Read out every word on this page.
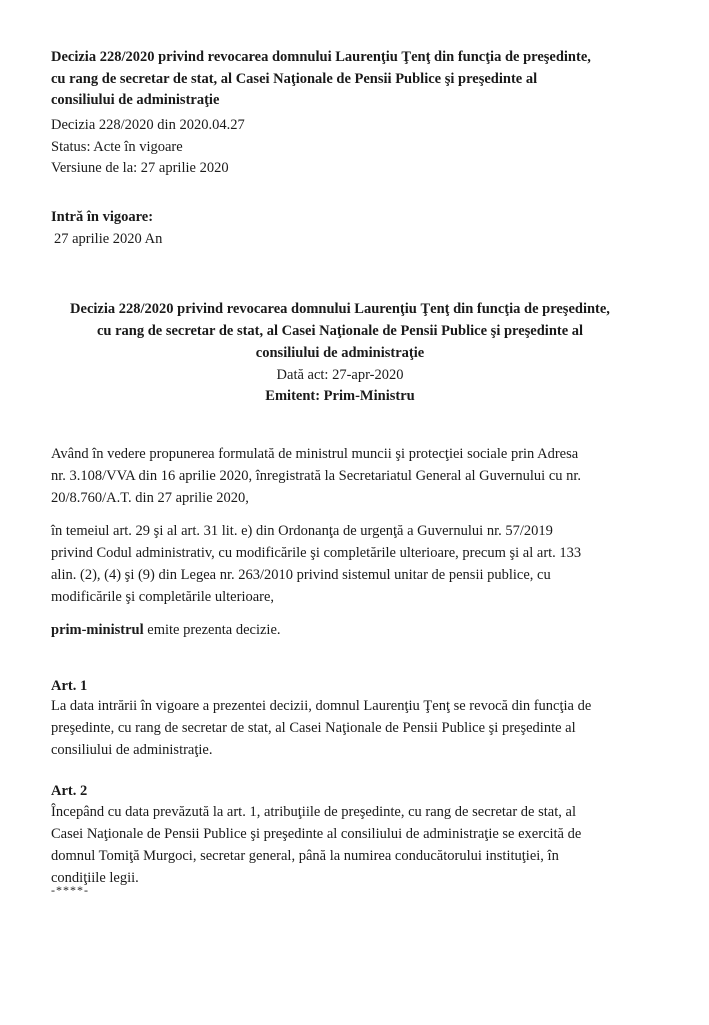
Decizia 228/2020 privind revocarea domnului Laurenţiu Ţenţ din funcţia de preşedinte,
cu rang de secretar de stat, al Casei Naţionale de Pensii Publice şi preşedinte al
consiliului de administraţie
Decizia 228/2020 din 2020.04.27
Status: Acte în vigoare
Versiune de la: 27 aprilie 2020
Intră în vigoare:
27 aprilie 2020 An
Decizia 228/2020 privind revocarea domnului Laurenţiu Ţenţ din funcţia de preşedinte,
cu rang de secretar de stat, al Casei Naţionale de Pensii Publice şi preşedinte al
consiliului de administraţie
Dată act: 27-apr-2020
Emitent: Prim-Ministru
Având în vedere propunerea formulată de ministrul muncii şi protecţiei sociale prin Adresa
nr. 3.108/VVA din 16 aprilie 2020, înregistrată la Secretariatul General al Guvernului cu nr.
20/8.760/A.T. din 27 aprilie 2020,
în temeiul art. 29 şi al art. 31 lit. e) din Ordonanţa de urgenţă a Guvernului nr. 57/2019
privind Codul administrativ, cu modificările şi completările ulterioare, precum şi al art. 133
alin. (2), (4) şi (9) din Legea nr. 263/2010 privind sistemul unitar de pensii publice, cu
modificările şi completările ulterioare,
prim-ministrul emite prezenta decizie.
Art. 1
La data intrării în vigoare a prezentei decizii, domnul Laurenţiu Ţenţ se revocă din funcţia de
preşedinte, cu rang de secretar de stat, al Casei Naţionale de Pensii Publice şi preşedinte al
consiliului de administraţie.
Art. 2
Începând cu data prevăzută la art. 1, atribuţiile de preşedinte, cu rang de secretar de stat, al
Casei Naţionale de Pensii Publice şi preşedinte al consiliului de administraţie se exercită de
domnul Tomiţă Murgoci, secretar general, până la numirea conducătorului instituţiei, în
condiţiile legii.
-****-
